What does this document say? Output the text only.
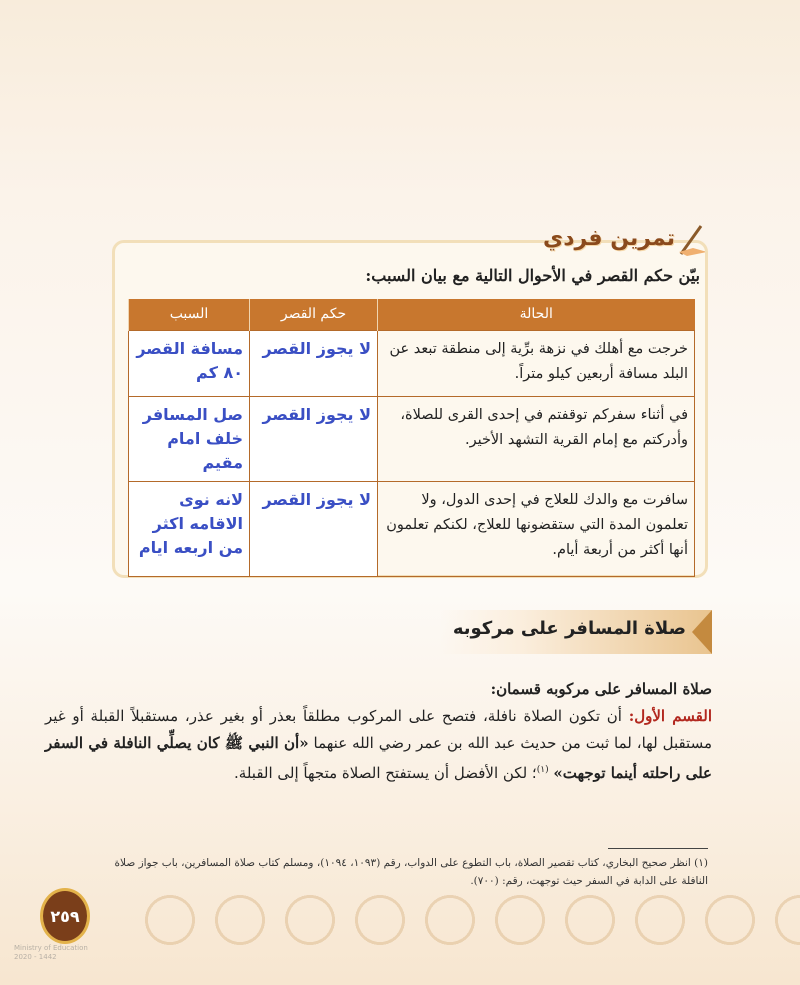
تمرين فردي
بيّن حكم القصر في الأحوال التالية مع بيان السبب:
الحالة	حكم القصر	السبب
خرجت مع أهلك في نزهة برِّية إلى منطقة تبعد عن البلد مسافة أربعين كيلو متراً.	لا يجوز القصر	مسافة القصر ٨٠ كم
في أثناء سفركم توقفتم في إحدى القرى للصلاة، وأدركتم مع إمام القرية التشهد الأخير.	لا يجوز القصر	صل المسافر خلف امام مقيم
سافرت مع والدك للعلاج في إحدى الدول، ولا تعلمون المدة التي ستقضونها للعلاج، لكنكم تعلمون أنها أكثر من أربعة أيام.	لا يجوز القصر	لانه نوى الاقامه اكثر من اربعه ايام
صلاة المسافر على مركوبه
صلاة المسافر على مركوبه قسمان:
القسم الأول: أن تكون الصلاة نافلة، فتصح على المركوب مطلقاً بعذر أو بغير عذر، مستقبلاً القبلة أو غير مستقبل لها، لما ثبت من حديث عبد الله بن عمر رضي الله عنهما «أن النبي ﷺ كان يصلِّي النافلة في السفر على راحلته أينما توجهت» $^{(١)}$؛ لكن الأفضل أن يستفتح الصلاة متجهاً إلى القبلة.
(١) انظر صحيح البخاري، كتاب تقصير الصلاة، باب التطوع على الدواب، رقم (١٠٩٣، ١٠٩٤)، ومسلم كتاب صلاة المسافرين، باب جواز صلاة النافلة على الدابة في السفر حيث توجهت، رقم: (٧٠٠).
٢٥٩
Ministry of Education
2020 - 1442
